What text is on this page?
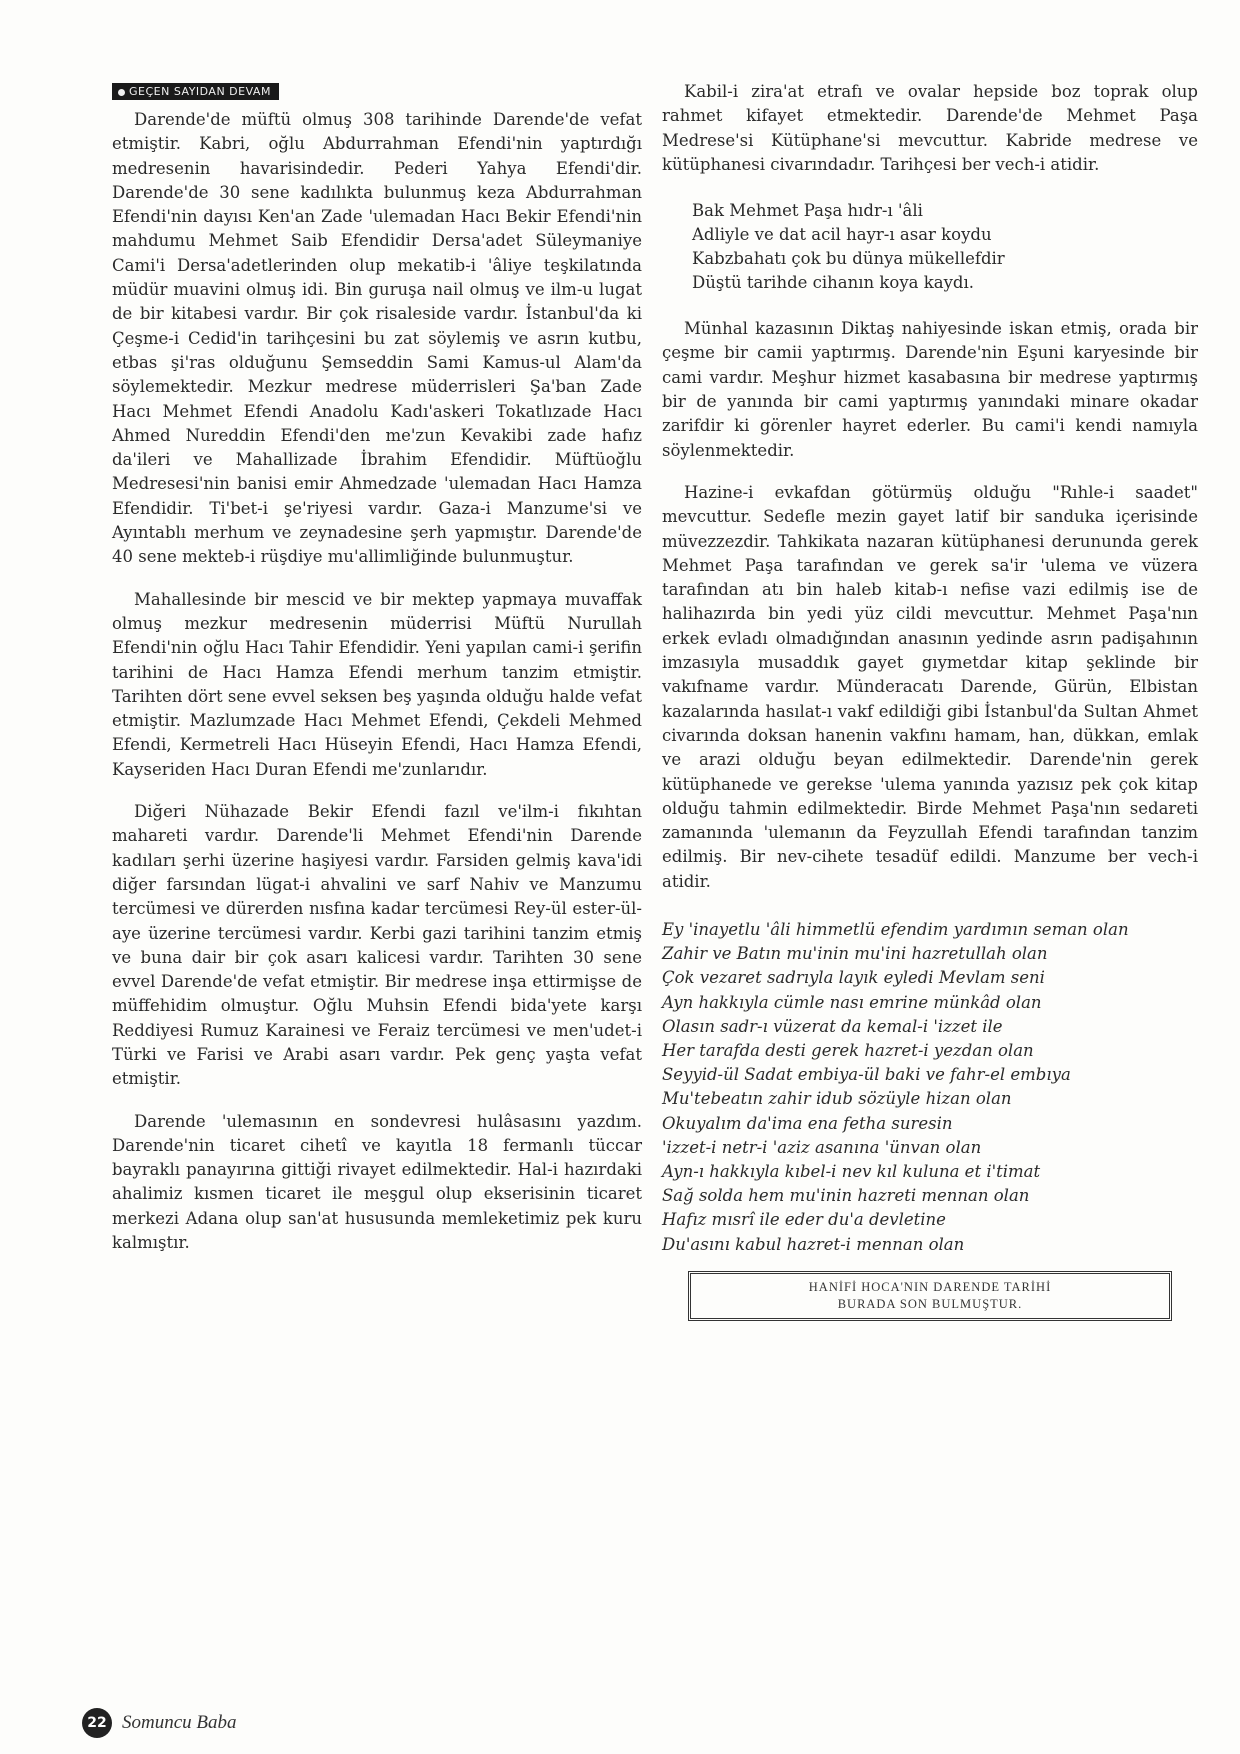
GEÇEN SAYIDAN DEVAM

Darende'de müftü olmuş 308 tarihinde Darende'de vefat etmiştir. Kabri, oğlu Abdurrahman Efendi'nin yaptırdığı medresenin havarisindedir. Pederi Yahya Efendi'dir. Darende'de 30 sene kadılıkta bulunmuş keza Abdurrahman Efendi'nin dayısı Ken'an Zade 'ulemadan Hacı Bekir Efendi'nin mahdumu Mehmet Saib Efendidir Dersa'adet Süleymaniye Cami'i Dersa'adetlerinden olup mekatib-i 'âliye teşkilatında müdür muavini olmuş idi. Bin guruşa nail olmuş ve ilm-u lugat de bir kitabesi vardır. Bir çok risaleside vardır. İstanbul'da ki Çeşme-i Cedid'in tarihçesini bu zat söylemiş ve asrın kutbu, etbas şi'ras olduğunu Şemseddin Sami Kamus-ul Alam'da söylemektedir. Mezkur medrese müderrisleri Şa'ban Zade Hacı Mehmet Efendi Anadolu Kadı'askeri Tokatlızade Hacı Ahmed Nureddin Efendi'den me'zun Kevakibi zade hafız da'ileri ve Mahallizade İbrahim Efendidir. Müftüoğlu Medresesi'nin banisi emir Ahmedzade 'ulemadan Hacı Hamza Efendidir. Ti'bet-i şe'riyesi vardır. Gaza-i Manzume'si ve Ayıntablı merhum ve zeynadesine şerh yapmıştır. Darende'de 40 sene mekteb-i rüşdiye mu'allimliğinde bulunmuştur.

Mahallesinde bir mescid ve bir mektep yapmaya muvaffak olmuş mezkur medresenin müderrisi Müftü Nurullah Efendi'nin oğlu Hacı Tahir Efendidir. Yeni yapılan cami-i şerifin tarihini de Hacı Hamza Efendi merhum tanzim etmiştir. Tarihten dört sene evvel seksen beş yaşında olduğu halde vefat etmiştir. Mazlumzade Hacı Mehmet Efendi, Çekdeli Mehmed Efendi, Kermetreli Hacı Hüseyin Efendi, Hacı Hamza Efendi, Kayseriden Hacı Duran Efendi me'zunlarıdır.

Diğeri Nühazade Bekir Efendi fazıl ve'ilm-i fıkıhtan mahareti vardır. Darende'li Mehmet Efendi'nin Darende kadıları şerhi üzerine haşiyesi vardır. Farsiden gelmiş kava'idi diğer farsından lügat-i ahvalini ve sarf Nahiv ve Manzumu tercümesi ve dürerden nısfına kadar tercümesi Rey-ül ester-ül-aye üzerine tercümesi vardır. Kerbi gazi tarihini tanzim etmiş ve buna dair bir çok asarı kalicesi vardır. Tarihten 30 sene evvel Darende'de vefat etmiştir. Bir medrese inşa ettirmişse de müffehidim olmuştur. Oğlu Muhsin Efendi bida'yete karşı Reddiyesi Rumuz Karainesi ve Feraiz tercümesi ve men'udet-i Türki ve Farisi ve Arabi asarı vardır. Pek genç yaşta vefat etmiştir.

Darende 'ulemasının en sondevresi hulâsasını yazdım. Darende'nin ticaret cihetî ve kayıtla 18 fermanlı tüccar bayraklı panayırına gittiği rivayet edilmektedir. Hal-i hazırdaki ahalimiz kısmen ticaret ile meşgul olup ekserisinin ticaret merkezi Adana olup san'at hususunda memleketimiz pek kuru kalmıştır.

Kabil-i zira'at etrafı ve ovalar hepside boz toprak olup rahmet kifayet etmektedir. Darende'de Mehmet Paşa Medrese'si Kütüphane'si mevcuttur. Kabride medrese ve kütüphanesi civarındadır. Tarihçesi ber vech-i atidir.

Bak Mehmet Paşa hıdr-ı 'âli
Adliyle ve dat acil hayr-ı asar koydu
Kabzbahatı çok bu dünya mükellefdir
Düştü tarihde cihanın koya kaydı.

Münhal kazasının Diktaş nahiyesinde iskan etmiş, orada bir çeşme bir camii yaptırmış. Darende'nin Eşuni karyesinde bir cami vardır. Meşhur hizmet kasabasına bir medrese yaptırmış bir de yanında bir cami yaptırmış yanındaki minare okadar zarifdir ki görenler hayret ederler. Bu cami'i kendi namıyla söylenmektedir.

Hazine-i evkafdan götürmüş olduğu "Rıhle-i saadet" mevcuttur. Sedefle mezin gayet latif bir sanduka içerisinde müvezzezdir. Tahkikata nazaran kütüphanesi derununda gerek Mehmet Paşa tarafından ve gerek sa'ir 'ulema ve vüzera tarafından atı bin haleb kitab-ı nefise vazi edilmiş ise de halihazırda bin yedi yüz cildi mevcuttur. Mehmet Paşa'nın erkek evladı olmadığından anasının yedinde asrın padişahının imzasıyla musaddık gayet gıymetdar kitap şeklinde bir vakıfname vardır. Münderacatı Darende, Gürün, Elbistan kazalarında hasılat-ı vakf edildiği gibi İstanbul'da Sultan Ahmet civarında doksan hanenin vakfını hamam, han, dükkan, emlak ve arazi olduğu beyan edilmektedir. Darende'nin gerek kütüphanede ve gerekse 'ulema yanında yazısız pek çok kitap olduğu tahmin edilmektedir. Birde Mehmet Paşa'nın sedareti zamanında 'ulemanın da Feyzullah Efendi tarafından tanzim edilmiş. Bir nev-cihete tesadüf edildi. Manzume ber vech-i atidir.

Ey 'inayetlu 'âli himmetlü efendim yardımın seman olan
Zahir ve Batın mu'inin mu'ini hazretullah olan
Çok vezaret sadrıyla layık eyledi Mevlam seni
Ayn hakkıyla cümle nası emrine münkâd olan
Olasın sadr-ı vüzerat da kemal-i 'izzet ile
Her tarafda desti gerek hazret-i yezdan olan
Seyyid-ül Sadat embiya-ül baki ve fahr-el embıya
Mu'tebeatın zahir idub sözüyle hizan olan
Okuyalım da'ima ena fetha suresin
'izzet-i netr-i 'aziz asanına 'ünvan olan
Ayn-ı hakkıyla kıbel-i nev kıl kuluna et i'timat
Sağ solda hem mu'inin hazreti mennan olan
Hafız mısrî ile eder du'a devletine
Du'asını kabul hazret-i mennan olan
HANİFİ HOCA'NIN DARENDE TARİHİ
BURADA SON BULMUŞTUR.
22 Somuncu Baba
